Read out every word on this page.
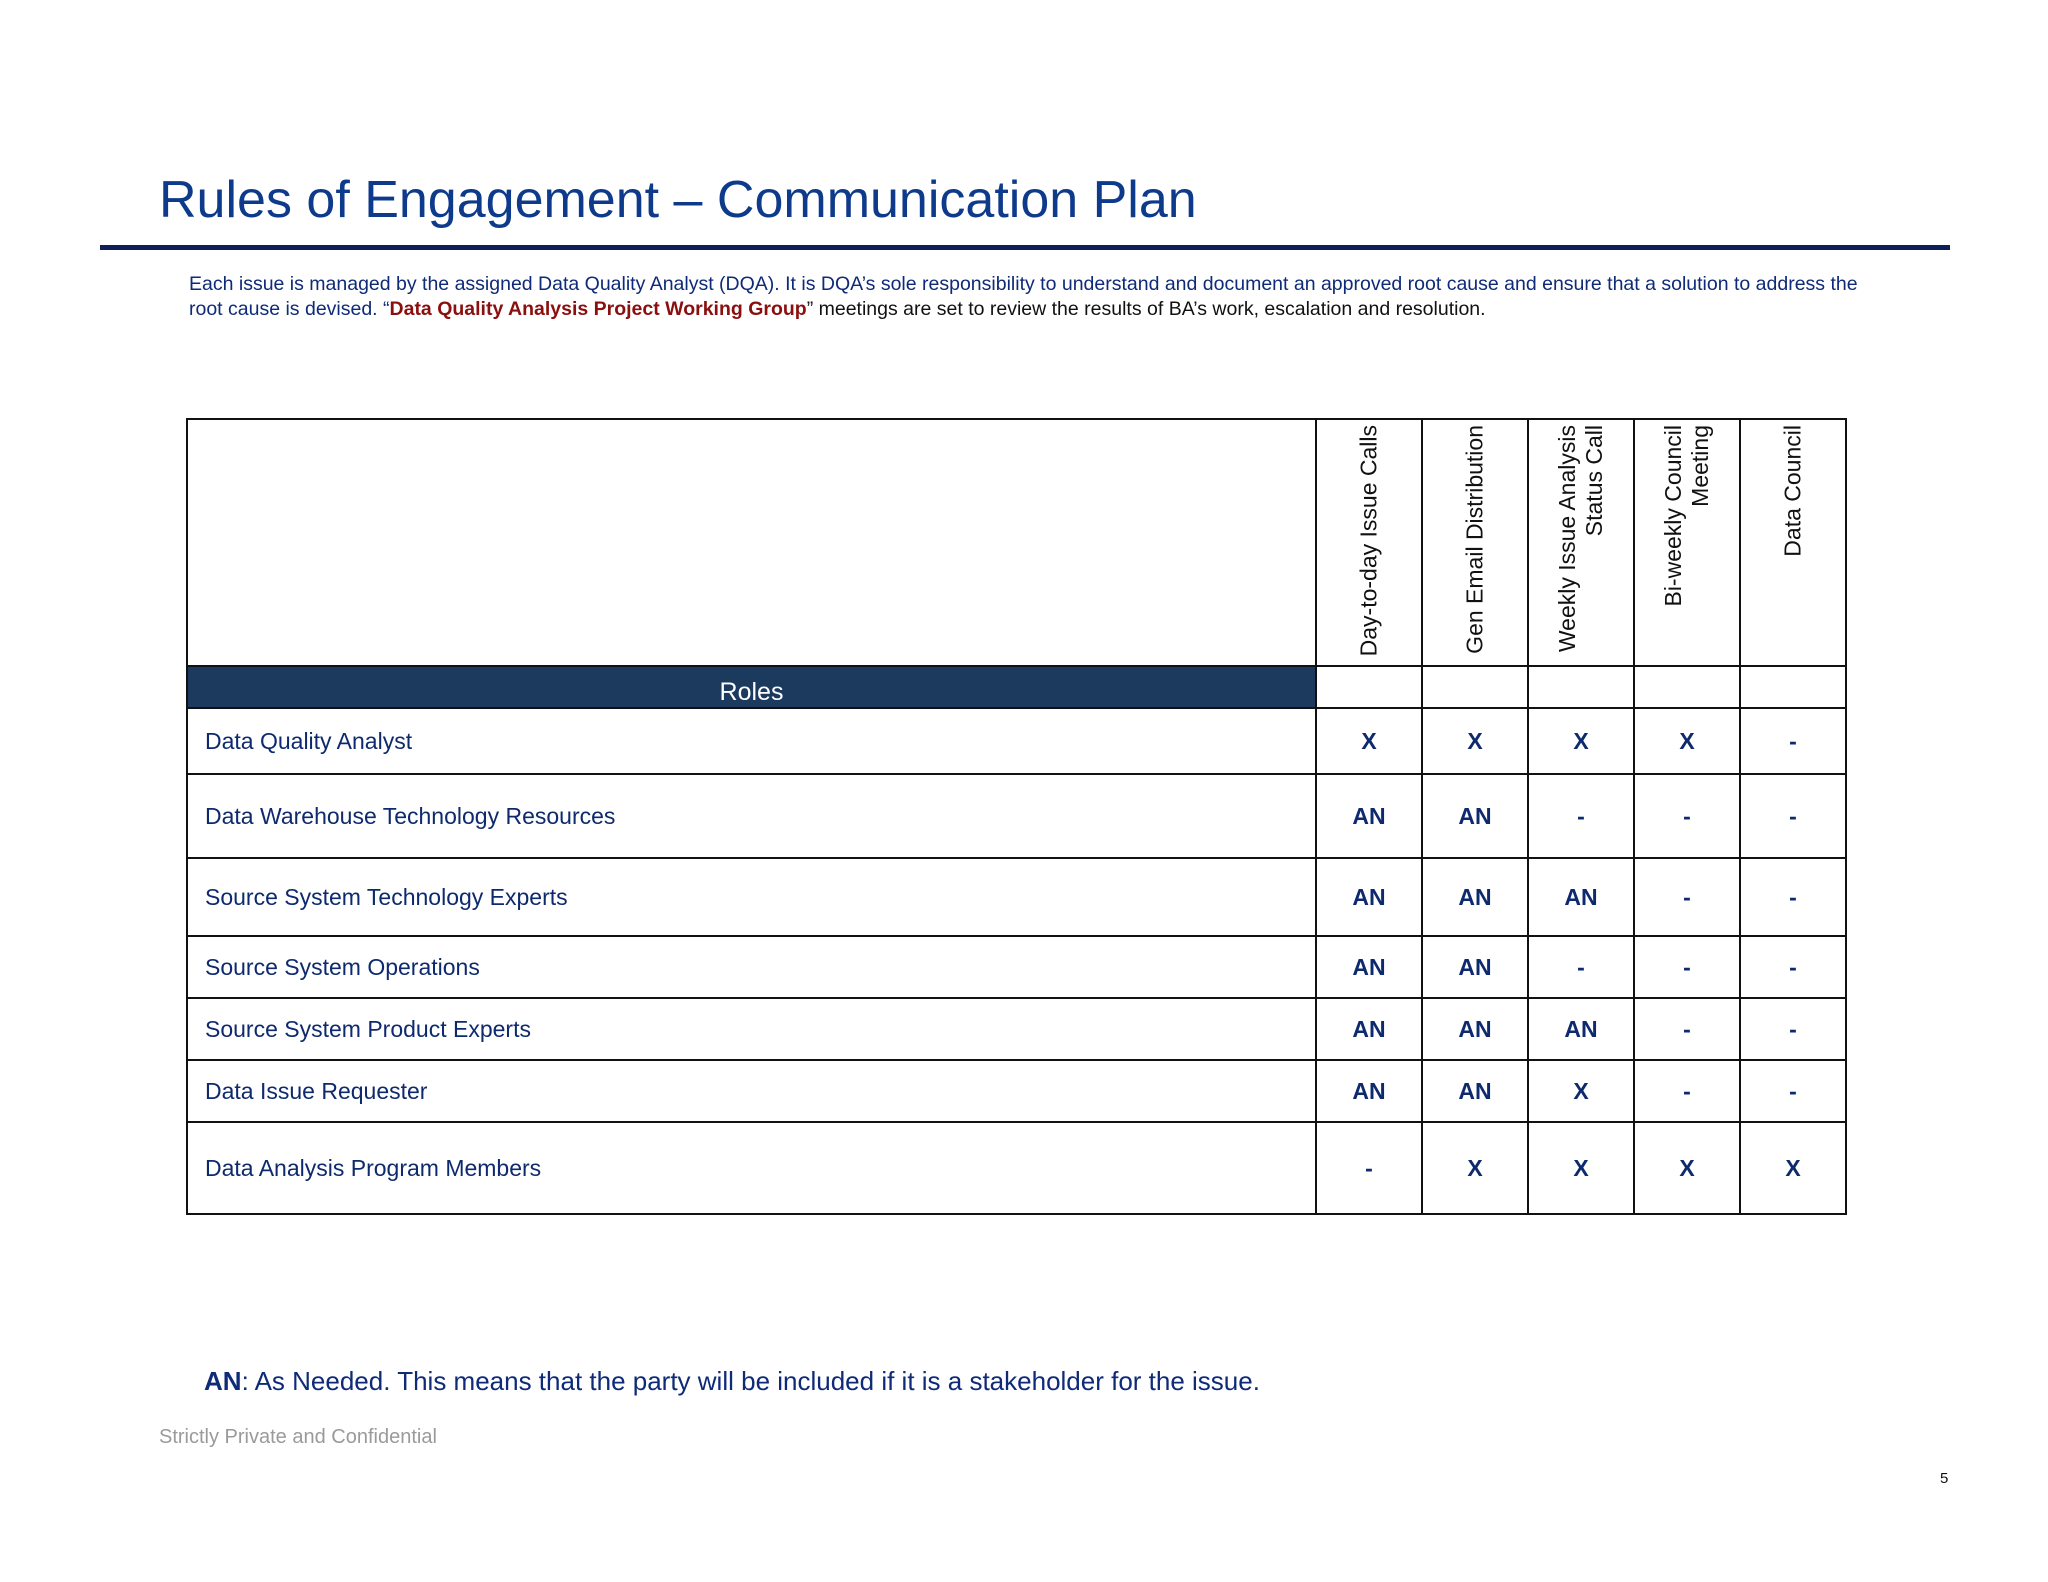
Rules of Engagement – Communication Plan
Each issue is managed by the assigned Data Quality Analyst (DQA). It is DQA’s sole responsibility to understand and document an approved root cause and ensure that a solution to address the root cause is devised. “Data Quality Analysis Project Working Group” meetings are set to review the results of BA’s work, escalation and resolution.

	Day-to-day Issue Calls	Gen Email Distribution	Weekly Issue Analysis Status Call	Bi-weekly Council Meeting	Data Council

Roles					
Data Quality Analyst	X	X	X	X	-
Data Warehouse Technology Resources	AN	AN	-	-	-
Source System Technology Experts	AN	AN	AN	-	-
Source System Operations	AN	AN	-	-	-
Source System Product Experts	AN	AN	AN	-	-
Data Issue Requester	AN	AN	X	-	-
Data Analysis Program Members	-	X	X	X	X
AN: As Needed. This means that the party will be included if it is a stakeholder for the issue.
Strictly Private and Confidential
5
